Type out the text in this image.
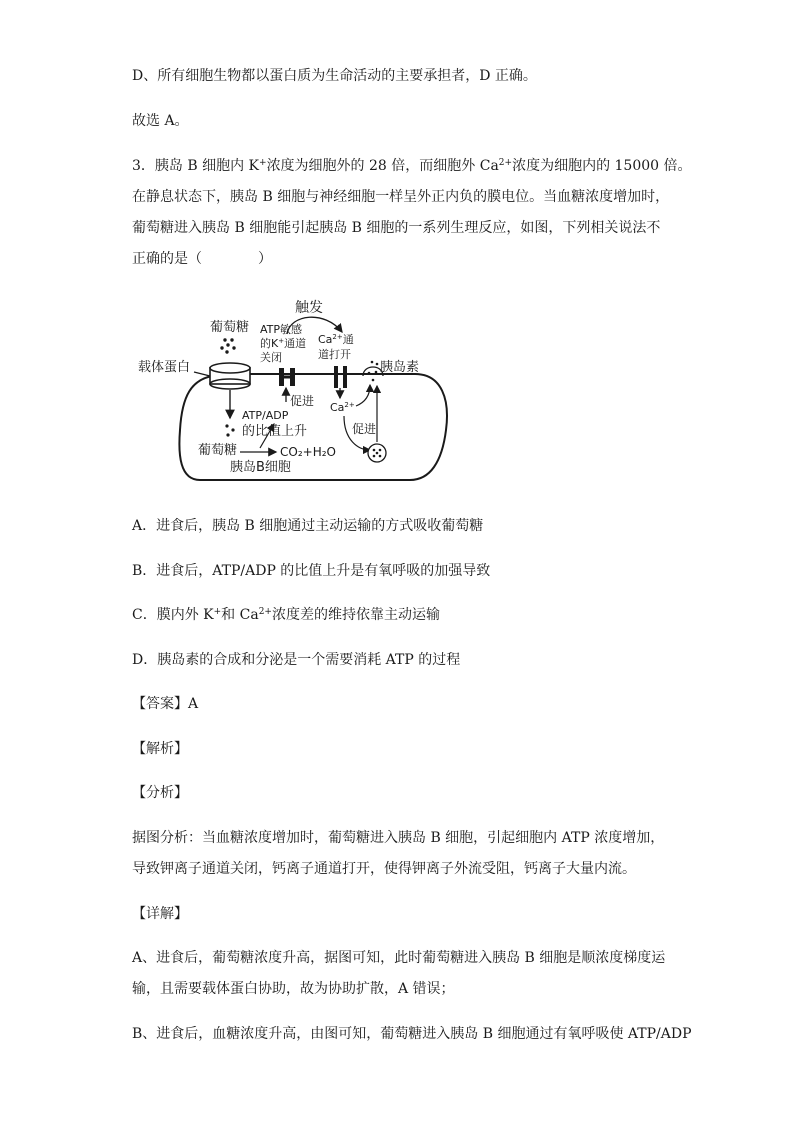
D、所有细胞生物都以蛋白质为生命活动的主要承担者，D 正确。
故选 A。
3．胰岛 B 细胞内 K+浓度为细胞外的 28 倍，而细胞外 $Ca^{2+}$浓度为细胞内的 15000 倍。
在静息状态下，胰岛 B 细胞与神经细胞一样呈外正内负的膜电位。当血糖浓度增加时，
葡萄糖进入胰岛 B 细胞能引起胰岛 B 细胞的一系列生理反应，如图，下列相关说法不
正确的是（　　　　）
葡萄糖
载体蛋白
ATP敏感
的K+通道
关闭
$Ca^{2+}$通
道打开
触发
胰岛素
促进
ATP/ADP
的比值上升
葡萄糖	CO₂+H₂O
胰岛B细胞
$Ca^{2+}$
促进
A．进食后，胰岛 B 细胞通过主动运输的方式吸收葡萄糖
B．进食后，ATP/ADP 的比值上升是有氧呼吸的加强导致
C．膜内外 K+和 $Ca^{2+}$浓度差的维持依靠主动运输
D．胰岛素的合成和分泌是一个需要消耗 ATP 的过程
【答案】A
【解析】
【分析】
据图分析：当血糖浓度增加时，葡萄糖进入胰岛 B 细胞，引起细胞内 ATP 浓度增加，
导致钾离子通道关闭，钙离子通道打开，使得钾离子外流受阻，钙离子大量内流。
【详解】
A、进食后，葡萄糖浓度升高，据图可知，此时葡萄糖进入胰岛 B 细胞是顺浓度梯度运
输，且需要载体蛋白协助，故为协助扩散，A 错误；
B、进食后，血糖浓度升高，由图可知，葡萄糖进入胰岛 B 细胞通过有氧呼吸使 ATP/ADP
